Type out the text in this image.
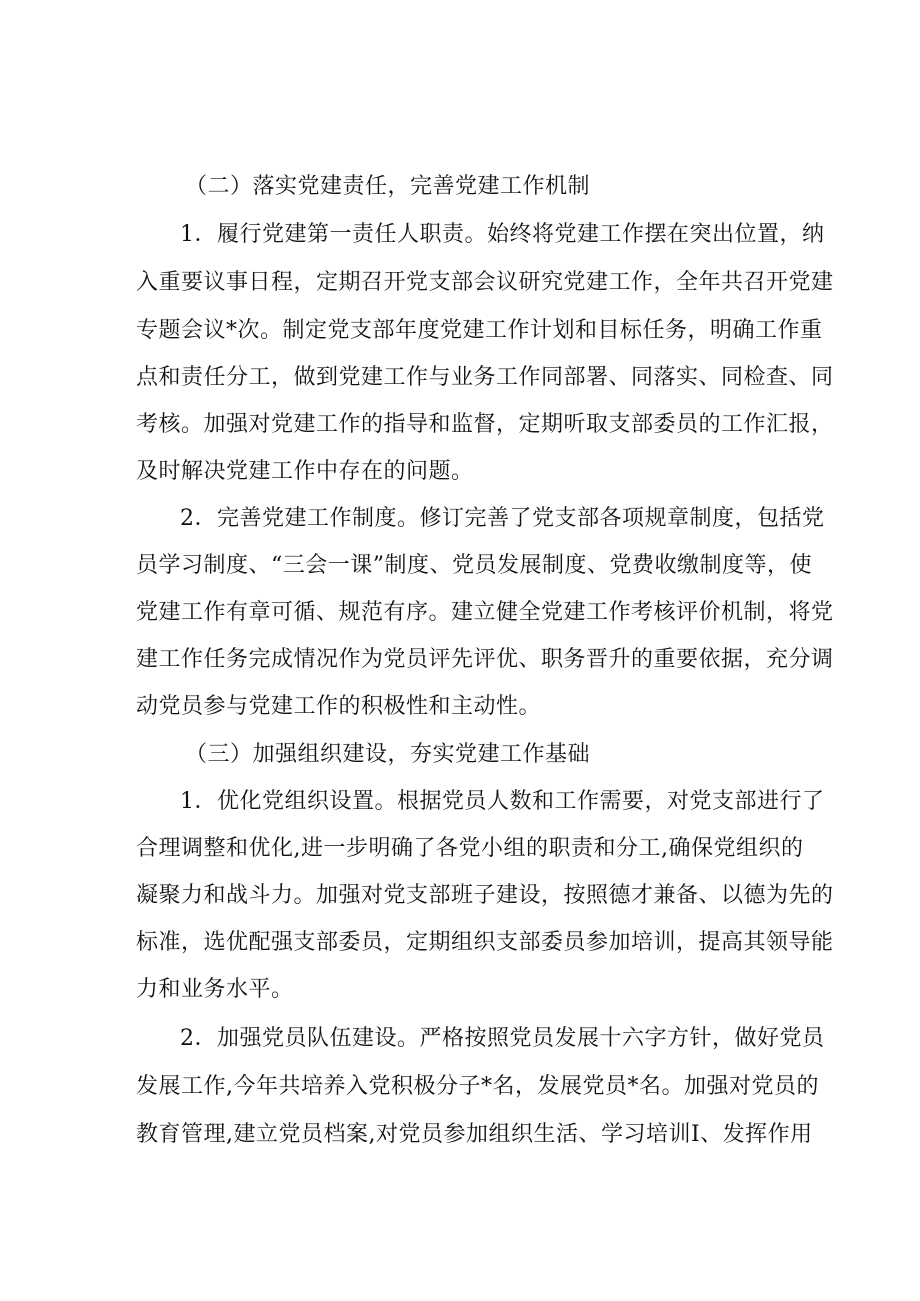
（二）落实党建责任，完善党建工作机制
1．履行党建第一责任人职责。始终将党建工作摆在突出位置，纳
入重要议事日程，定期召开党支部会议研究党建工作，全年共召开党建
专题会议*次。制定党支部年度党建工作计划和目标任务，明确工作重
点和责任分工，做到党建工作与业务工作同部署、同落实、同检查、同
考核。加强对党建工作的指导和监督，定期听取支部委员的工作汇报，
及时解决党建工作中存在的问题。
2．完善党建工作制度。修订完善了党支部各项规章制度，包括党
员学习制度、“三会一课”制度、党员发展制度、党费收缴制度等，使
党建工作有章可循、规范有序。建立健全党建工作考核评价机制，将党
建工作任务完成情况作为党员评先评优、职务晋升的重要依据，充分调
动党员参与党建工作的积极性和主动性。
（三）加强组织建设，夯实党建工作基础
1．优化党组织设置。根据党员人数和工作需要，对党支部进行了
合理调整和优化,进一步明确了各党小组的职责和分工,确保党组织的
凝聚力和战斗力。加强对党支部班子建设，按照德才兼备、以德为先的
标准，选优配强支部委员，定期组织支部委员参加培训，提高其领导能
力和业务水平。
2．加强党员队伍建设。严格按照党员发展十六字方针，做好党员
发展工作,今年共培养入党积极分子*名，发展党员*名。加强对党员的
教育管理,建立党员档案,对党员参加组织生活、学习培训I、发挥作用
